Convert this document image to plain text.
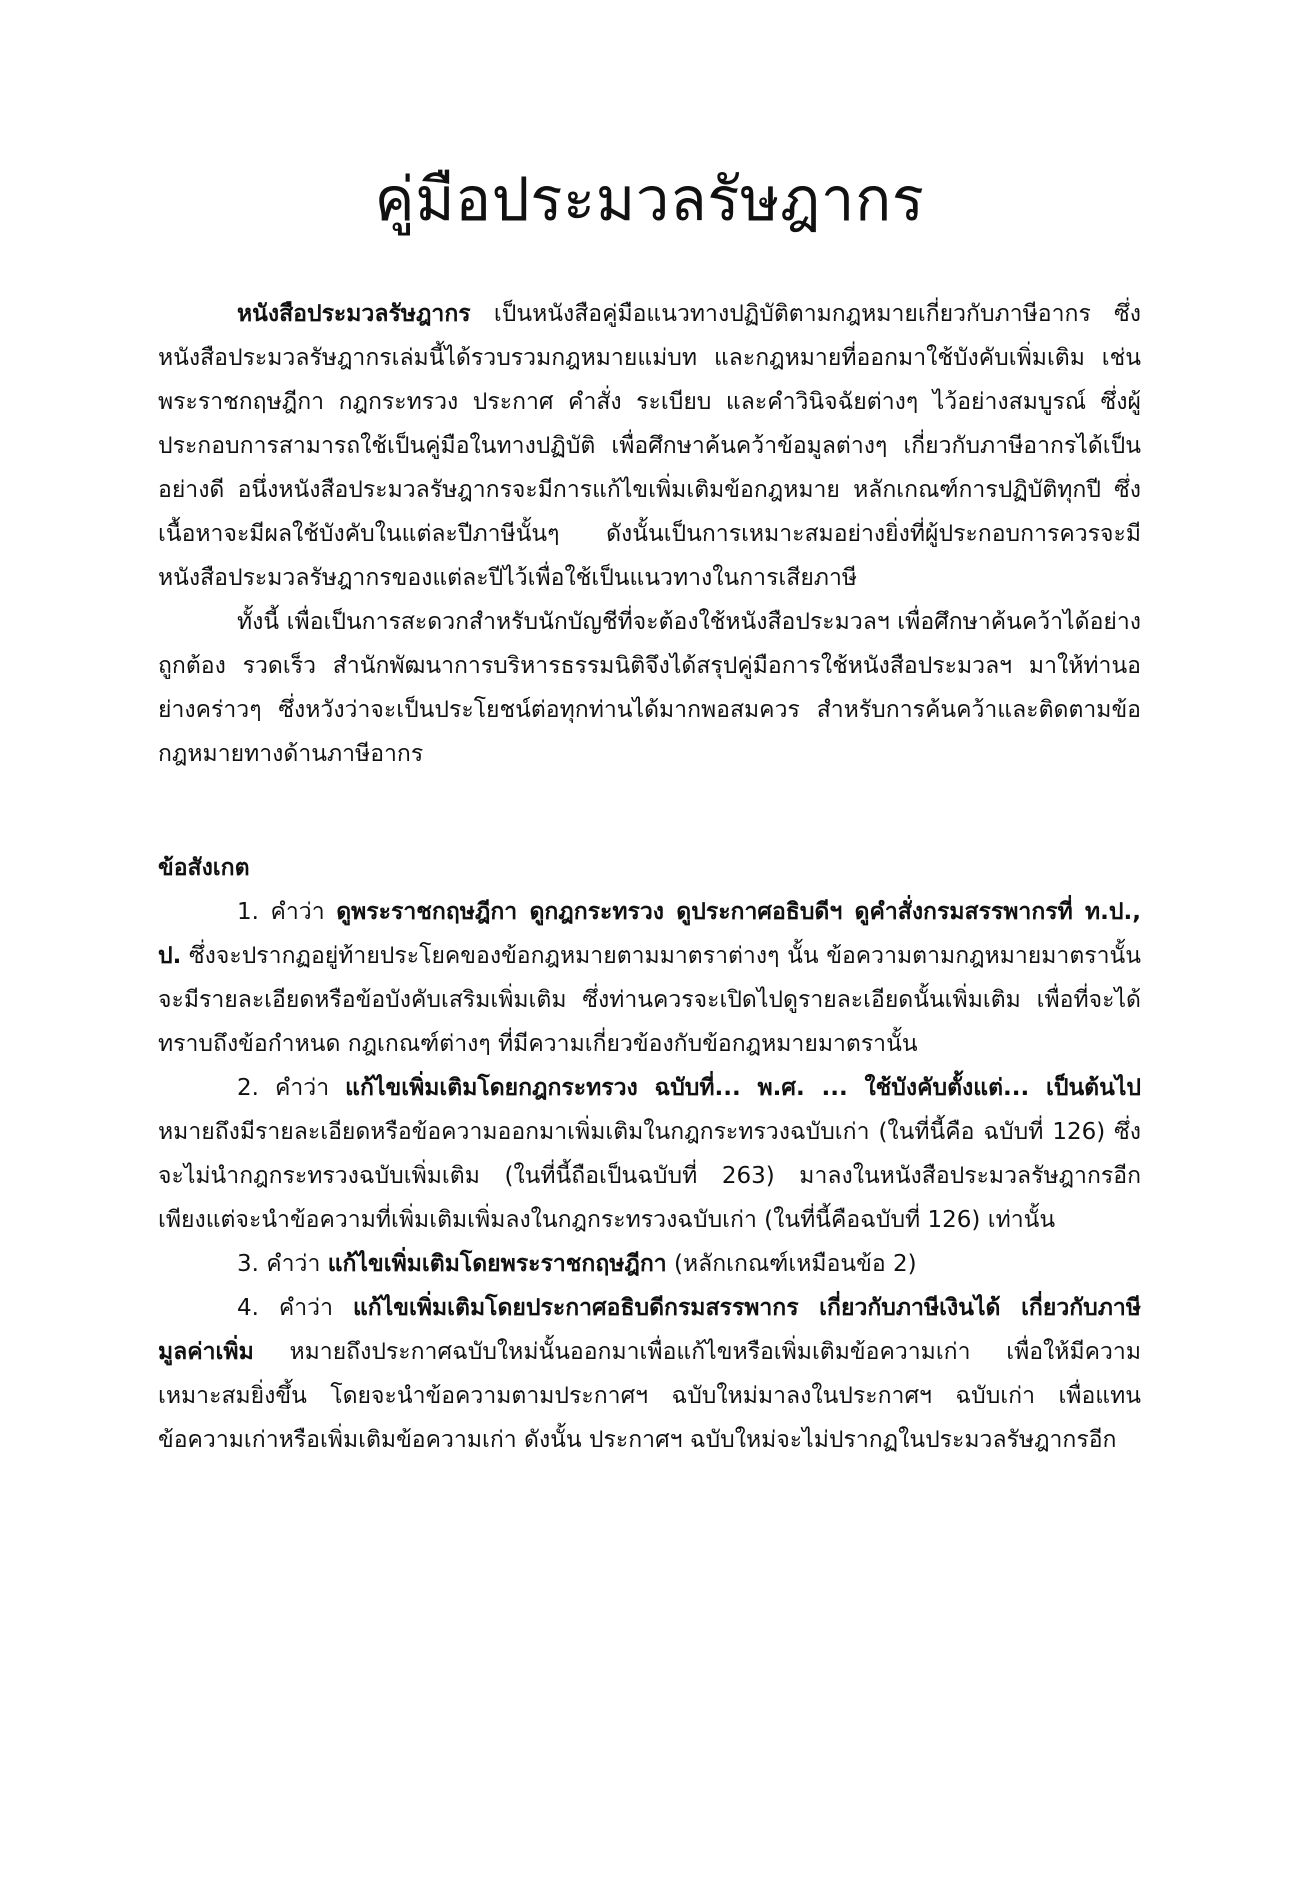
คู่มือประมวลรัษฎากร

หนังสือประมวลรัษฎากร เป็นหนังสือคู่มือแนวทางปฏิบัติตามกฎหมายเกี่ยวกับภาษีอากร ซึ่งหนังสือประมวลรัษฎากรเล่มนี้ได้รวบรวมกฎหมายแม่บท และกฎหมายที่ออกมาใช้บังคับเพิ่มเติม เช่น พระราชกฤษฎีกา กฎกระทรวง ประกาศ คำสั่ง ระเบียบ และคำวินิจฉัยต่างๆ ไว้อย่างสมบูรณ์ ซึ่งผู้ประกอบการสามารถใช้เป็นคู่มือในทางปฏิบัติ เพื่อศึกษาค้นคว้าข้อมูลต่างๆ เกี่ยวกับภาษีอากรได้เป็นอย่างดี อนึ่งหนังสือประมวลรัษฎากรจะมีการแก้ไขเพิ่มเติมข้อกฎหมาย หลักเกณฑ์การปฏิบัติทุกปี ซึ่งเนื้อหาจะมีผลใช้บังคับในแต่ละปีภาษีนั้นๆ ดังนั้นเป็นการเหมาะสมอย่างยิ่งที่ผู้ประกอบการควรจะมีหนังสือประมวลรัษฎากรของแต่ละปีไว้เพื่อใช้เป็นแนวทางในการเสียภาษี

ทั้งนี้ เพื่อเป็นการสะดวกสำหรับนักบัญชีที่จะต้องใช้หนังสือประมวลฯ เพื่อศึกษาค้นคว้าได้อย่างถูกต้อง รวดเร็ว สำนักพัฒนาการบริหารธรรมนิติจึงได้สรุปคู่มือการใช้หนังสือประมวลฯ มาให้ท่านอย่างคร่าวๆ ซึ่งหวังว่าจะเป็นประโยชน์ต่อทุกท่านได้มากพอสมควร สำหรับการค้นคว้าและติดตามข้อกฎหมายทางด้านภาษีอากร

ข้อสังเกต

1. คำว่า ดูพระราชกฤษฎีกา ดูกฎกระทรวง ดูประกาศอธิบดีฯ ดูคำสั่งกรมสรรพากรที่ ท.ป., ป. ซึ่งจะปรากฏอยู่ท้ายประโยคของข้อกฎหมายตามมาตราต่างๆ นั้น ข้อความตามกฎหมายมาตรานั้นจะมีรายละเอียดหรือข้อบังคับเสริมเพิ่มเติม ซึ่งท่านควรจะเปิดไปดูรายละเอียดนั้นเพิ่มเติม เพื่อที่จะได้ทราบถึงข้อกำหนด กฎเกณฑ์ต่างๆ ที่มีความเกี่ยวข้องกับข้อกฎหมายมาตรานั้น

2. คำว่า แก้ไขเพิ่มเติมโดยกฎกระทรวง ฉบับที่... พ.ศ. ... ใช้บังคับตั้งแต่... เป็นต้นไป หมายถึงมีรายละเอียดหรือข้อความออกมาเพิ่มเติมในกฎกระทรวงฉบับเก่า (ในที่นี้คือ ฉบับที่ 126) ซึ่งจะไม่นำกฎกระทรวงฉบับเพิ่มเติม (ในที่นี้ถือเป็นฉบับที่ 263) มาลงในหนังสือประมวลรัษฎากรอีก เพียงแต่จะนำข้อความที่เพิ่มเติมเพิ่มลงในกฎกระทรวงฉบับเก่า (ในที่นี้คือฉบับที่ 126) เท่านั้น

3. คำว่า แก้ไขเพิ่มเติมโดยพระราชกฤษฎีกา (หลักเกณฑ์เหมือนข้อ 2)

4. คำว่า แก้ไขเพิ่มเติมโดยประกาศอธิบดีกรมสรรพากร เกี่ยวกับภาษีเงินได้ เกี่ยวกับภาษีมูลค่าเพิ่ม หมายถึงประกาศฉบับใหม่นั้นออกมาเพื่อแก้ไขหรือเพิ่มเติมข้อความเก่า เพื่อให้มีความเหมาะสมยิ่งขึ้น โดยจะนำข้อความตามประกาศฯ ฉบับใหม่มาลงในประกาศฯ ฉบับเก่า เพื่อแทนข้อความเก่าหรือเพิ่มเติมข้อความเก่า ดังนั้น ประกาศฯ ฉบับใหม่จะไม่ปรากฏในประมวลรัษฎากรอีก
